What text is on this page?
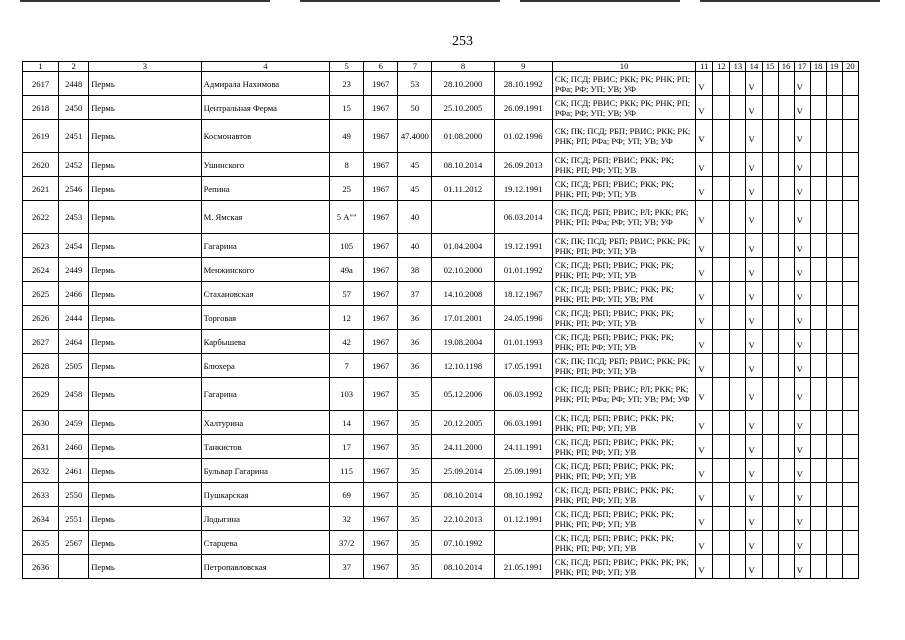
253
1	2	3	4	5	6	7	8	9	10	11	12	13	14	15	16	17	18	19	20
2617	2448	Пермь	Адмирала Нахимова	23	1967	53	28.10.2000	28.10.1992	СК; ПСД; РВИС; РКК; РК; РНК; РП; РФа; РФ; УП; УВ; УФ	V			V			V			
2618	2450	Пермь	Центральная Ферма	15	1967	50	25.10.2005	26.09.1991	СК; ПСД; РВИС; РКК; РК; РНК; РП; РФа; РФ; УП; УВ; УФ	V			V			V			
2619	2451	Пермь	Космонавтов	49	1967	47.4000	01.08.2000	01.02.1996	СК; ПК; ПСД; РБП; РВИС; РКК; РК; РНК; РП; РФа; РФ; УП; УВ; УФ	V			V			V			
2620	2452	Пермь	Ушинского	8	1967	45	08.10.2014	26.09.2013	СК; ПСД; РБП; РВИС; РКК; РК; РНК; РП; РФ; УП; УВ	V			V			V			
2621	2546	Пермь	Репина	25	1967	45	01.11.2012	19.12.1991	СК; ПСД; РБП; РВИС; РКК; РК; РНК; РП; РФ; УП; УВ	V			V			V			
2622	2453	Пермь	М. Ямская	5 А""	1967	40		06.03.2014	СК; ПСД; РБП; РВИС; РЛ; РКК; РК; РНК; РП; РФа; РФ; УП; УВ; УФ	V			V			V			
2623	2454	Пермь	Гагарина	105	1967	40	01.04.2004	19.12.1991	СК; ПК; ПСД; РБП; РВИС; РКК; РК; РНК; РП; РФ; УП; УВ	V			V			V			
2624	2449	Пермь	Менжинского	49а	1967	38	02.10.2000	01.01.1992	СК; ПСД; РБП; РВИС; РКК; РК; РНК; РП; РФ; УП; УВ	V			V			V			
2625	2466	Пермь	Стахановская	57	1967	37	14.10.2008	18.12.1967	СК; ПСД; РБП; РВИС; РКК; РК; РНК; РП; РФ; УП; УВ; РМ	V			V			V			
2626	2444	Пермь	Торговая	12	1967	36	17.01.2001	24.05.1996	СК; ПСД; РБП; РВИС; РКК; РК; РНК; РП; РФ; УП; УВ	V			V			V			
2627	2464	Пермь	Карбышева	42	1967	36	19.08.2004	01.01.1993	СК; ПСД; РБП; РВИС; РКК; РК; РНК; РП; РФ; УП; УВ	V			V			V			
2628	2505	Пермь	Блюхера	7	1967	36	12.10.1198	17.05.1991	СК; ПК; ПСД; РБП; РВИС; РКК; РК; РНК; РП; РФ; УП; УВ	V			V			V			
2629	2458	Пермь	Гагарина	103	1967	35	05.12.2006	06.03.1992	СК; ПСД; РБП; РВИС; РЛ; РКК; РК; РНК; РП; РФа; РФ; УП; УВ; РМ; УФ	V			V			V			
2630	2459	Пермь	Халтурина	14	1967	35	20.12.2005	06.03.1991	СК; ПСД; РБП; РВИС; РКК; РК; РНК; РП; РФ; УП; УВ	V			V			V			
2631	2460	Пермь	Танкистов	17	1967	35	24.11.2000	24.11.1991	СК; ПСД; РБП; РВИС; РКК; РК; РНК; РП; РФ; УП; УВ	V			V			V			
2632	2461	Пермь	Бульвар Гагарина	115	1967	35	25.09.2014	25.09.1991	СК; ПСД; РБП; РВИС; РКК; РК; РНК; РП; РФ; УП; УВ	V			V			V			
2633	2550	Пермь	Пушкарская	69	1967	35	08.10.2014	08.10.1992	СК; ПСД; РБП; РВИС; РКК; РК; РНК; РП; РФ; УП; УВ	V			V			V			
2634	2551	Пермь	Лодыгина	32	1967	35	22.10.2013	01.12.1991	СК; ПСД; РБП; РВИС; РКК; РК; РНК; РП; РФ; УП; УВ	V			V			V			
2635	2567	Пермь	Старцева	37/2	1967	35	07.10.1992		СК; ПСД; РБП; РВИС; РКК; РК; РНК; РП; РФ; УП; УВ	V			V			V			
2636		Пермь	Петропавловская	37	1967	35	08.10.2014	21.05.1991	СК; ПСД; РБП; РВИС; РКК; РК; РК; РНК; РП; РФ; УП; УВ	V			V			V			
